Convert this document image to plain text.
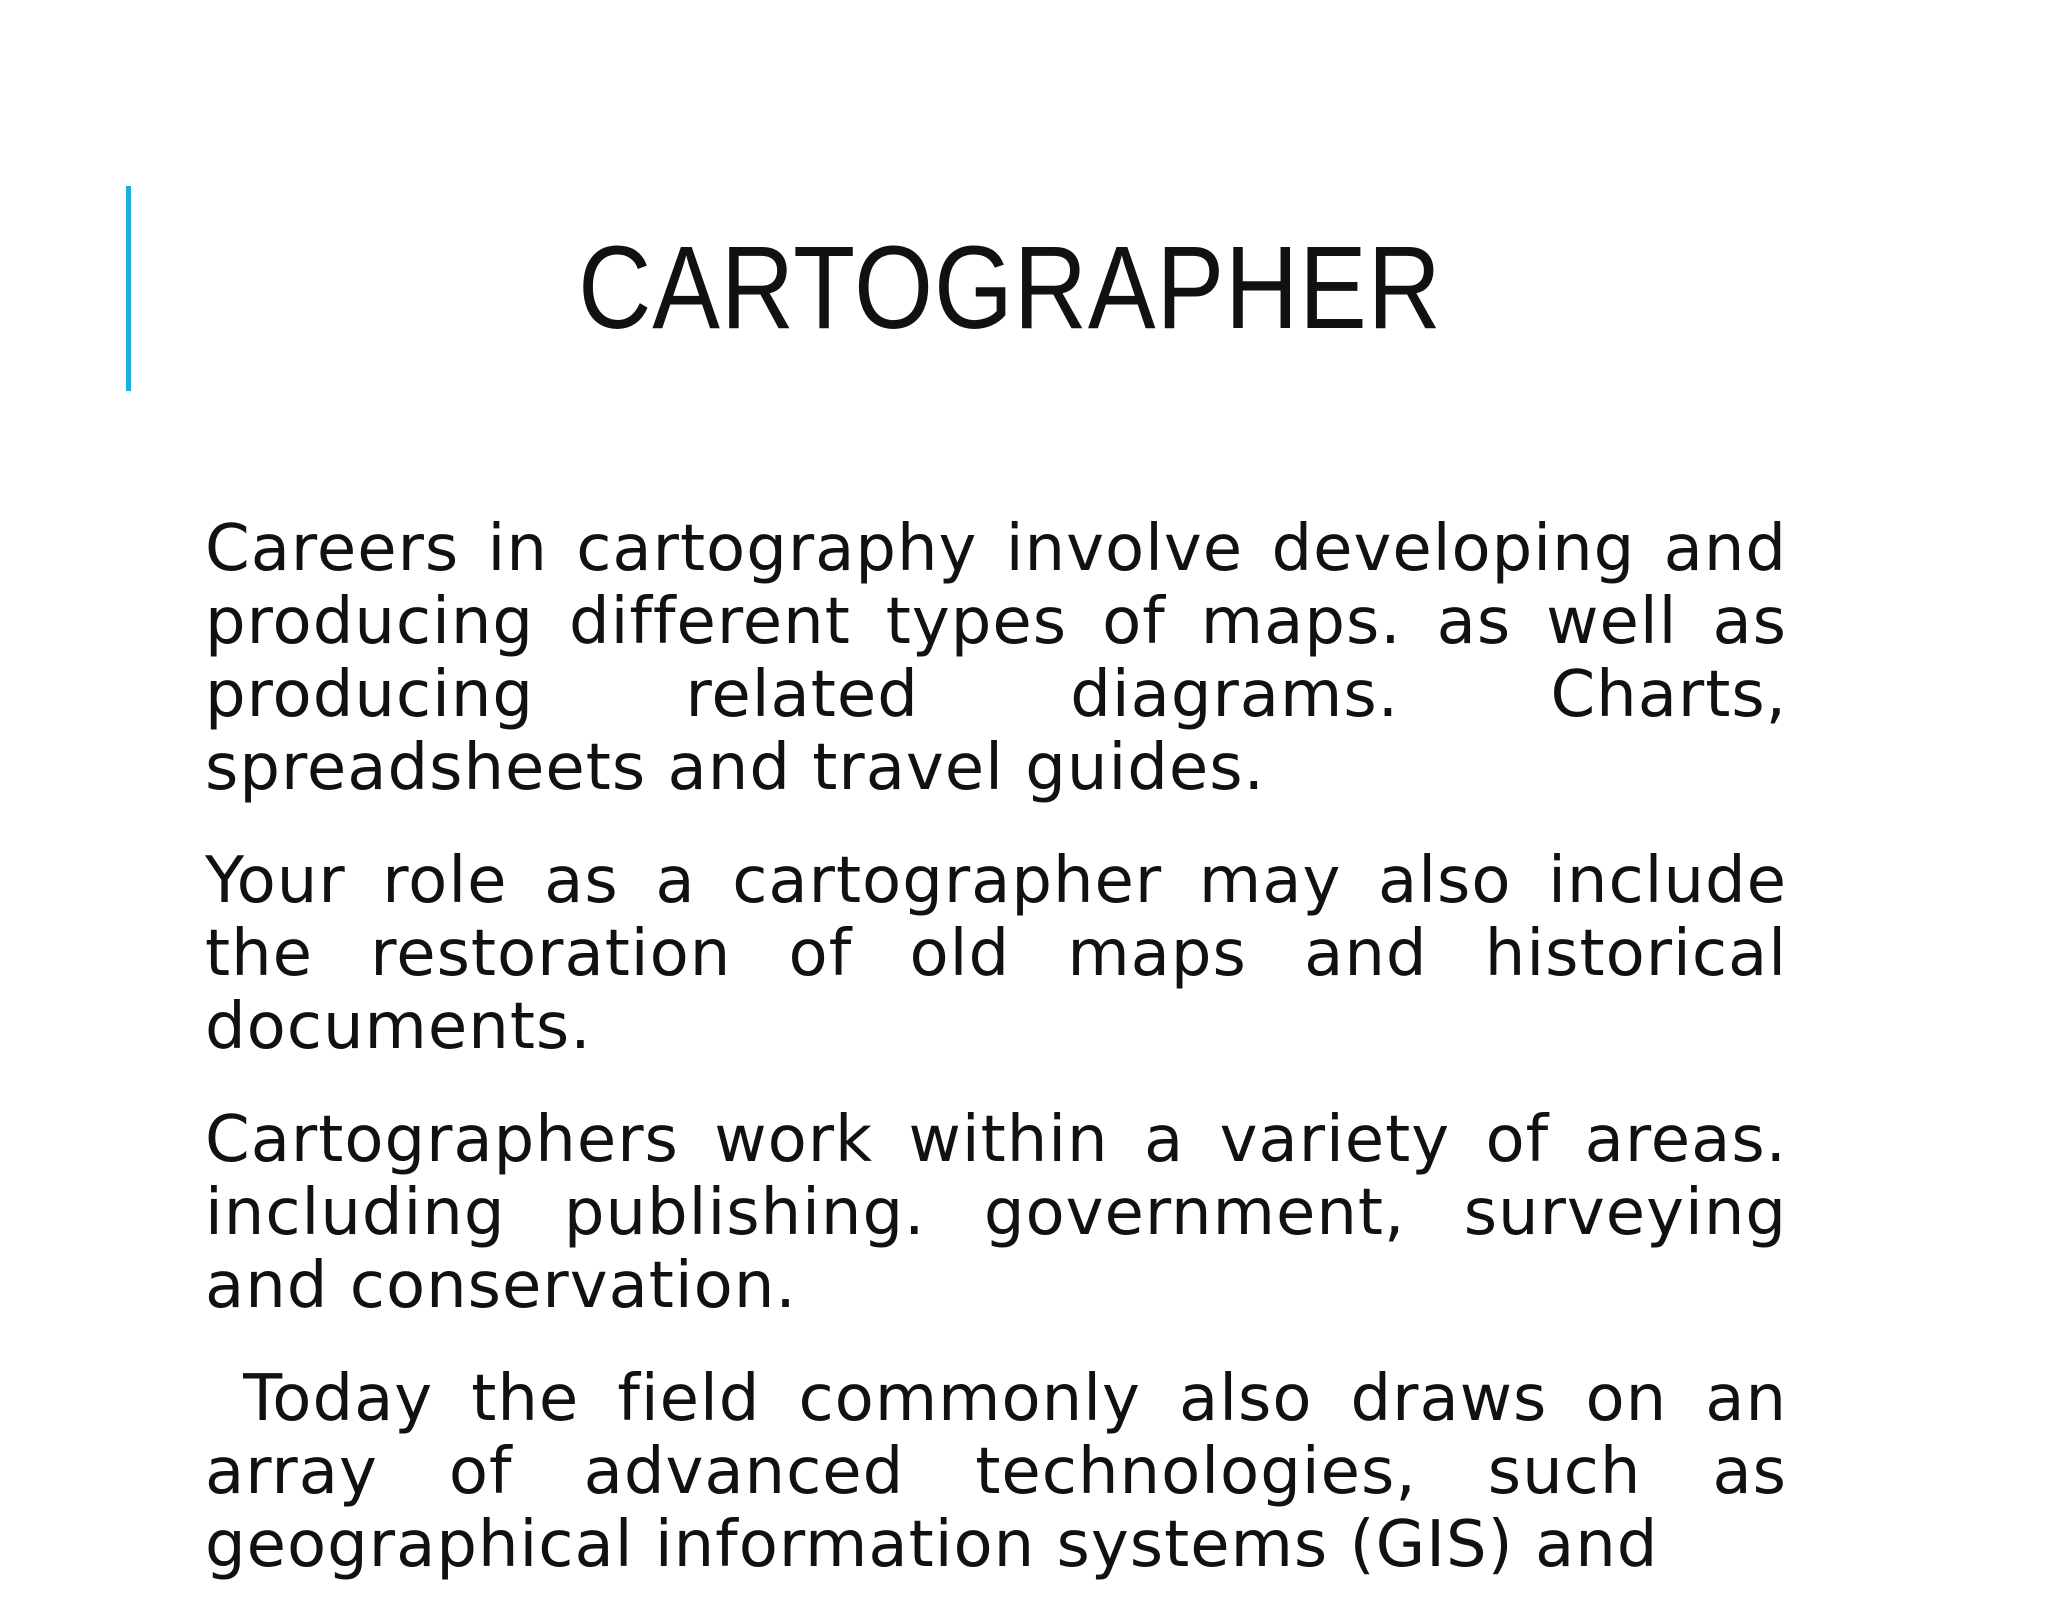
CARTOGRAPHER

Careers in cartography involve developing and producing different types of maps. as well as producing related diagrams. Charts, spreadsheets and travel guides.

Your role as a cartographer may also include the restoration of old maps and historical documents.

Cartographers work within a variety of areas. including publishing. government, surveying and conservation.

Today the field commonly also draws on an array of advanced technologies, such as geographical information systems (GIS) and
